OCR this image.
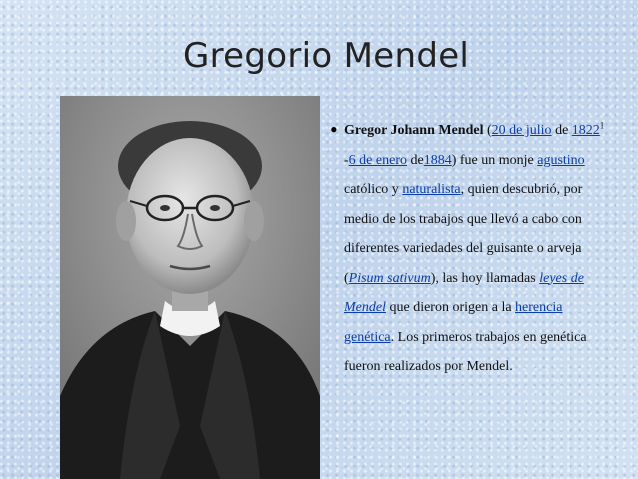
Gregorio Mendel
• Gregor Johann Mendel (20 de julio de 1822$^1$ -6 de enero de1884) fue un monje agustino católico y naturalista, quien descubrió, por medio de los trabajos que llevó a cabo con diferentes variedades del guisante o arveja (Pisum sativum), las hoy llamadas leyes de Mendel que dieron origen a la herencia genética. Los primeros trabajos en genética fueron realizados por Mendel.
